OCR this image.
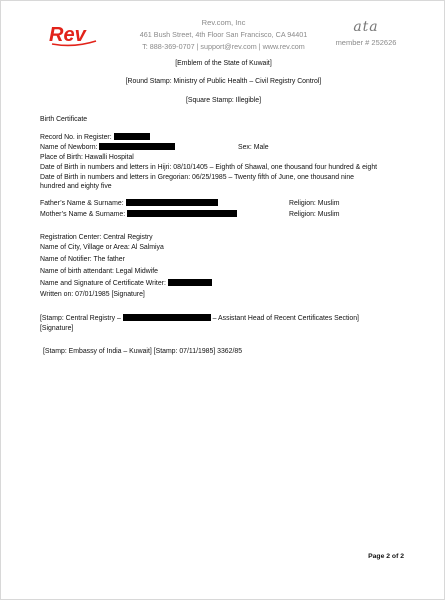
Rev
Rev.com, Inc
461 Bush Street, 4th Floor San Francisco, CA 94401
T: 888-369-0707 | support@rev.com | www.rev.com
ata
member # 252626
[Emblem of the State of Kuwait]
[Round Stamp: Ministry of Public Health – Civil Registry Control]
[Square Stamp: Illegible]
Birth Certificate
Record No. in Register:
Name of Newborn:	Sex: Male
Place of Birth: Hawalli Hospital
Date of Birth in numbers and letters in Hijri: 08/10/1405 – Eighth of Shawal, one thousand four hundred & eight
Date of Birth in numbers and letters in Gregorian: 06/25/1985 – Twenty fifth of June, one thousand nine
hundred and eighty five
Father’s Name & Surname:	Religion: Muslim
Mother’s Name & Surname:	Religion: Muslim
Registration Center: Central Registry
Name of City, Village or Area: Al Salmiya
Name of Notifier: The father
Name of birth attendant: Legal Midwife
Name and Signature of Certificate Writer:
Written on: 07/01/1985 [Signature]
[Stamp: Central Registry –	– Assistant Head of Recent Certificates Section]
[Signature]
[Stamp: Embassy of India – Kuwait] [Stamp: 07/11/1985] 3362/85
Page 2 of 2
